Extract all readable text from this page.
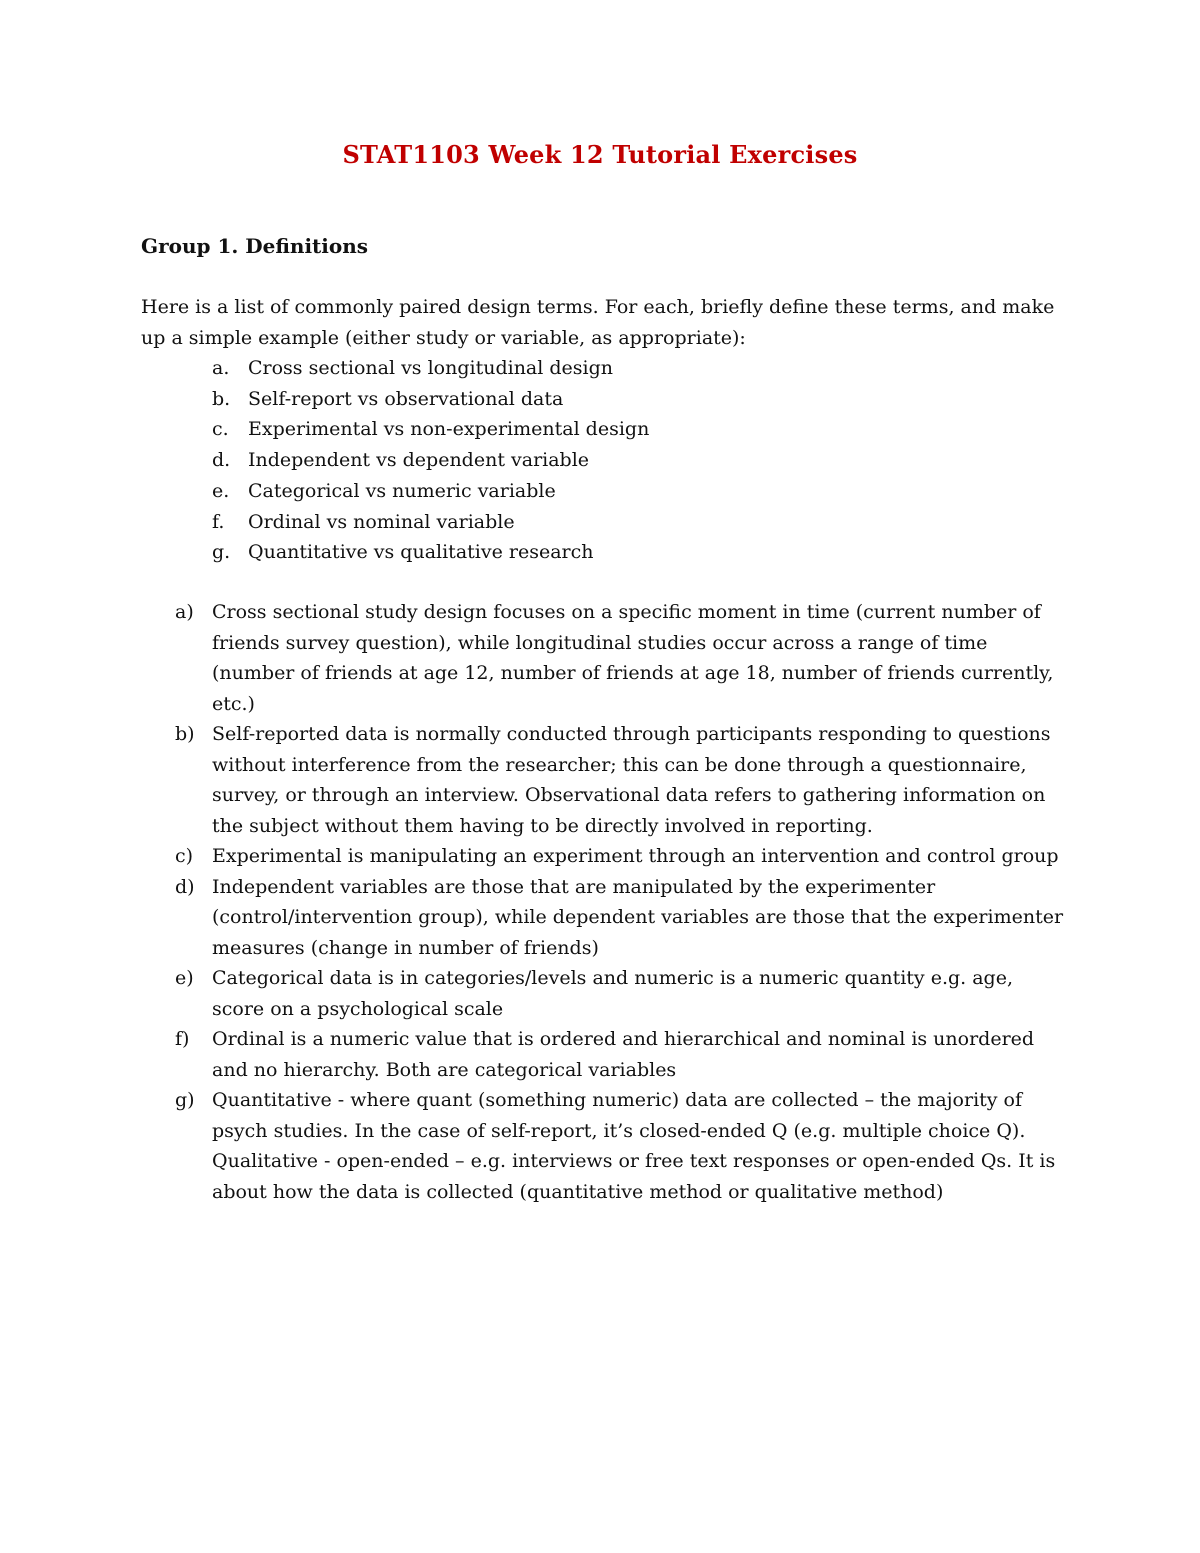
STAT1103 Week 12 Tutorial Exercises
Group 1. Definitions

Here is a list of commonly paired design terms. For each, briefly define these terms, and make up a simple example (either study or variable, as appropriate):

a. Cross sectional vs longitudinal design
b. Self-report vs observational data
c. Experimental vs non-experimental design
d. Independent vs dependent variable
e. Categorical vs numeric variable
f. Ordinal vs nominal variable
g. Quantitative vs qualitative research
a) Cross sectional study design focuses on a specific moment in time (current number of friends survey question), while longitudinal studies occur across a range of time (number of friends at age 12, number of friends at age 18, number of friends currently, etc.)
b) Self-reported data is normally conducted through participants responding to questions without interference from the researcher; this can be done through a questionnaire, survey, or through an interview. Observational data refers to gathering information on the subject without them having to be directly involved in reporting.
c) Experimental is manipulating an experiment through an intervention and control group
d) Independent variables are those that are manipulated by the experimenter (control/intervention group), while dependent variables are those that the experimenter measures (change in number of friends)
e) Categorical data is in categories/levels and numeric is a numeric quantity e.g. age, score on a psychological scale
f) Ordinal is a numeric value that is ordered and hierarchical and nominal is unordered and no hierarchy. Both are categorical variables
g) Quantitative - where quant (something numeric) data are collected – the majority of psych studies. In the case of self-report, it’s closed-ended Q (e.g. multiple choice Q).
Qualitative - open-ended – e.g. interviews or free text responses or open-ended Qs. It is about how the data is collected (quantitative method or qualitative method)
